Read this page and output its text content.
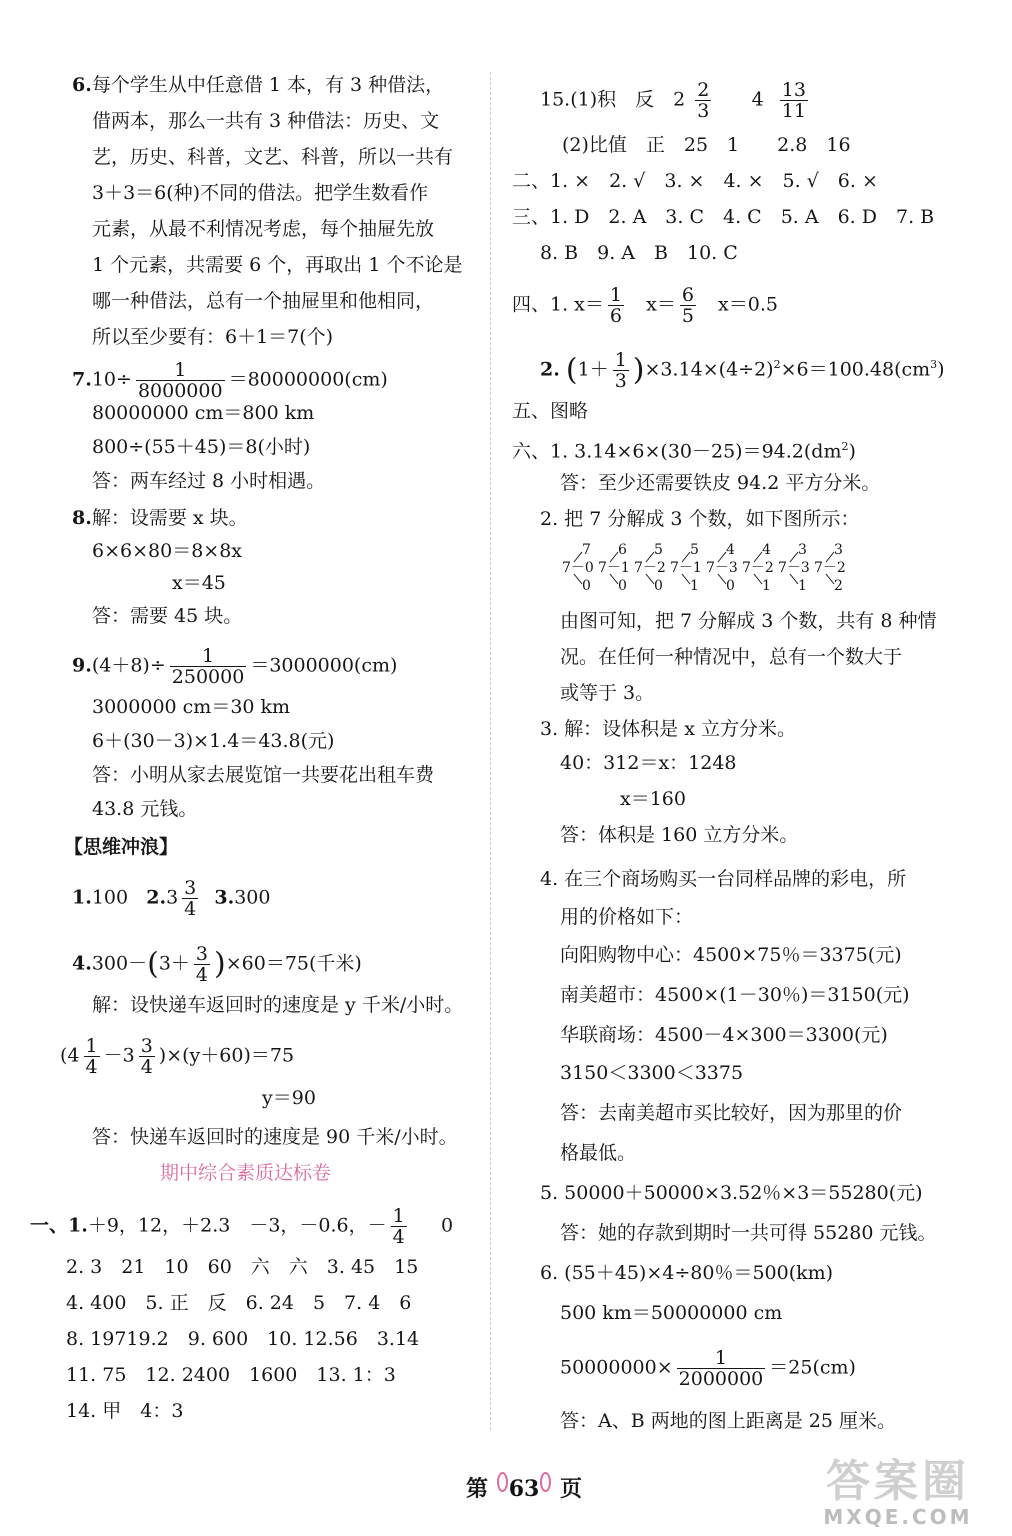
6.每个学生从中任意借 1 本，有 3 种借法，
借两本，那么一共有 3 种借法：历史、文
艺，历史、科普，文艺、科普，所以一共有
3＋3＝6(种)不同的借法。把学生数看作
元素，从最不利情况考虑，每个抽屉先放
1 个元素，共需要 6 个，再取出 1 个不论是
哪一种借法，总有一个抽屉里和他相同，
所以至少要有：6＋1＝7(个)
$7.10\div \frac{1}{8000000} =80000000(cm)$
80000000 cm＝800 km
800÷(55＋45)＝8(小时)
答：两车经过 8 小时相遇。
8.解：设需要 x 块。
6×6×80＝8×8x
x＝45
答：需要 45 块。
$9.(4+8)\div \frac{1}{250000} =3000000(cm)$
3000000 cm＝30 km
6＋(30－3)×1.4＝43.8(元)
答：小明从家去展览馆一共要花出租车费
43.8 元钱。
【思维冲浪】
1.100 $2.3 \frac{3}{4} 3.300$
$4.300-(3+ \frac{3}{4} )\times 60=75$(千米)
解：设快递车返回时的速度是 y 千米/小时。
$(4 \frac{1}{4} -3 \frac{3}{4} )\times(y+60)=75$
y＝90
答：快递车返回时的速度是 90 千米/小时。
期中综合素质达标卷
一、1.＋9，12，＋2.3　－3，－0.6，－ $\frac{1}{4} 0$
2. 3　21　10　60　六　六　3. 45　15
4. 400　5. 正　反　6. 24　5　7. 4　6
8. 19719.2　9. 600　10. 12.56　3.14
11. 75　12. 2400　1600　13. 1：3
14. 甲　4：3
15.(1)积　反　$2 \frac{2}{3} 4 \frac{13}{11}$
(2)比值　正　25　1　　2.8　16
二、1. ×　2. √　3. ×　4. ×　5. √　6. ×
三、1. D　2. A　3. C　4. C　5. A　6. D　7. B
8. B　9. A　B　10. C
四、1. $x= \frac{1}{6} x= \frac{6}{5} x=0.5$
2. $(1+ \frac{1}{3} )\times 3.14\times(4\div 2)^2\times 6=100.48(cm^3)$
五、图略
六、1. $3.14\times 6\times(30-25)=94.2(dm^2)$
答：至少还需要铁皮 94.2 平方分米。
2. 把 7 分解成 3 个数，如下图所示：
7
7－0
0
6
7－1
0
5
7－2
0
5
7－1
1
4
7－3
0
4
7－2
1
3
7－3
1
3
7－2
2
由图可知，把 7 分解成 3 个数，共有 8 种情
况。在任何一种情况中，总有一个数大于
或等于 3。
3. 解：设体积是 x 立方分米。
40：312＝x：1248
x＝160
答：体积是 160 立方分米。
4. 在三个商场购买一台同样品牌的彩电，所
用的价格如下：
向阳购物中心：4500×75％＝3375(元)
南美超市：4500×(1－30％)＝3150(元)
华联商场：4500－4×300＝3300(元)
3150＜3300＜3375
答：去南美超市买比较好，因为那里的价
格最低。
5. 50000＋50000×3.52％×3＝55280(元)
答：她的存款到期时一共可得 55280 元钱。
6. (55＋45)×4÷80％＝500(km)
500 km＝50000000 cm
$50000000\times \frac{1}{2000000} =25(cm)$
答：A、B 两地的图上距离是 25 厘米。
第 63 页	答案圈
MXQE.COM
